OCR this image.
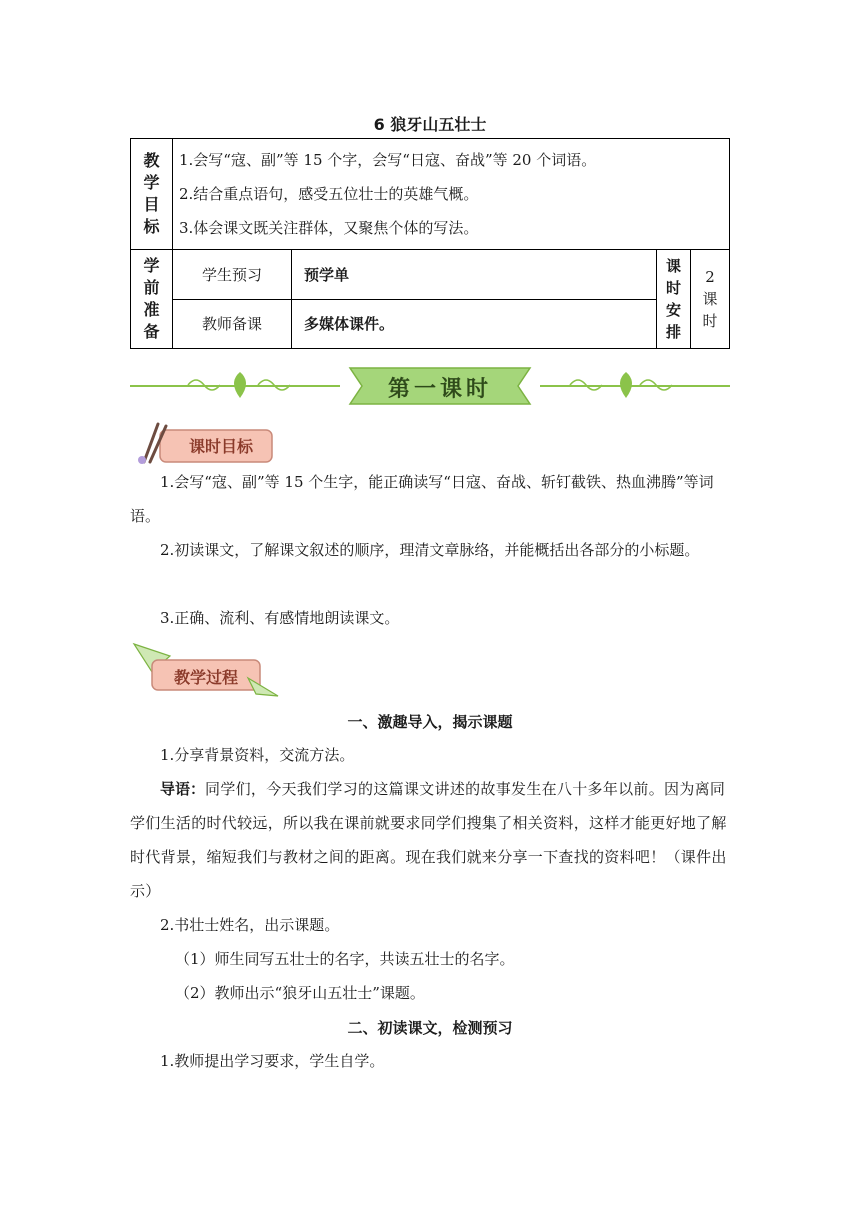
6 狼牙山五壮士
教学目标	1.会写“寇、副”等 15 个字，会写“日寇、奋战”等 20 个词语。
2.结合重点语句，感受五位壮士的英雄气概。
3.体会课文既关注群体，又聚焦个体的写法。			

学前准备	学生预习	预学单	课时安排	2课时

	教师备课	多媒体课件。		
第一课时
课时目标
1.会写“寇、副”等 15 个生字，能正确读写“日寇、奋战、斩钉截铁、热血沸腾”等词语。
2.初读课文，了解课文叙述的顺序，理清文章脉络，并能概括出各部分的小标题。
3.正确、流利、有感情地朗读课文。
教学过程
一、激趣导入，揭示课题
1.分享背景资料，交流方法。
导语：同学们，今天我们学习的这篇课文讲述的故事发生在八十多年以前。因为离同学们生活的时代较远，所以我在课前就要求同学们搜集了相关资料，这样才能更好地了解时代背景，缩短我们与教材之间的距离。现在我们就来分享一下查找的资料吧！（课件出示）
2.书壮士姓名，出示课题。
（1）师生同写五壮士的名字，共读五壮士的名字。
（2）教师出示“狼牙山五壮士”课题。
二、初读课文，检测预习
1.教师提出学习要求，学生自学。
